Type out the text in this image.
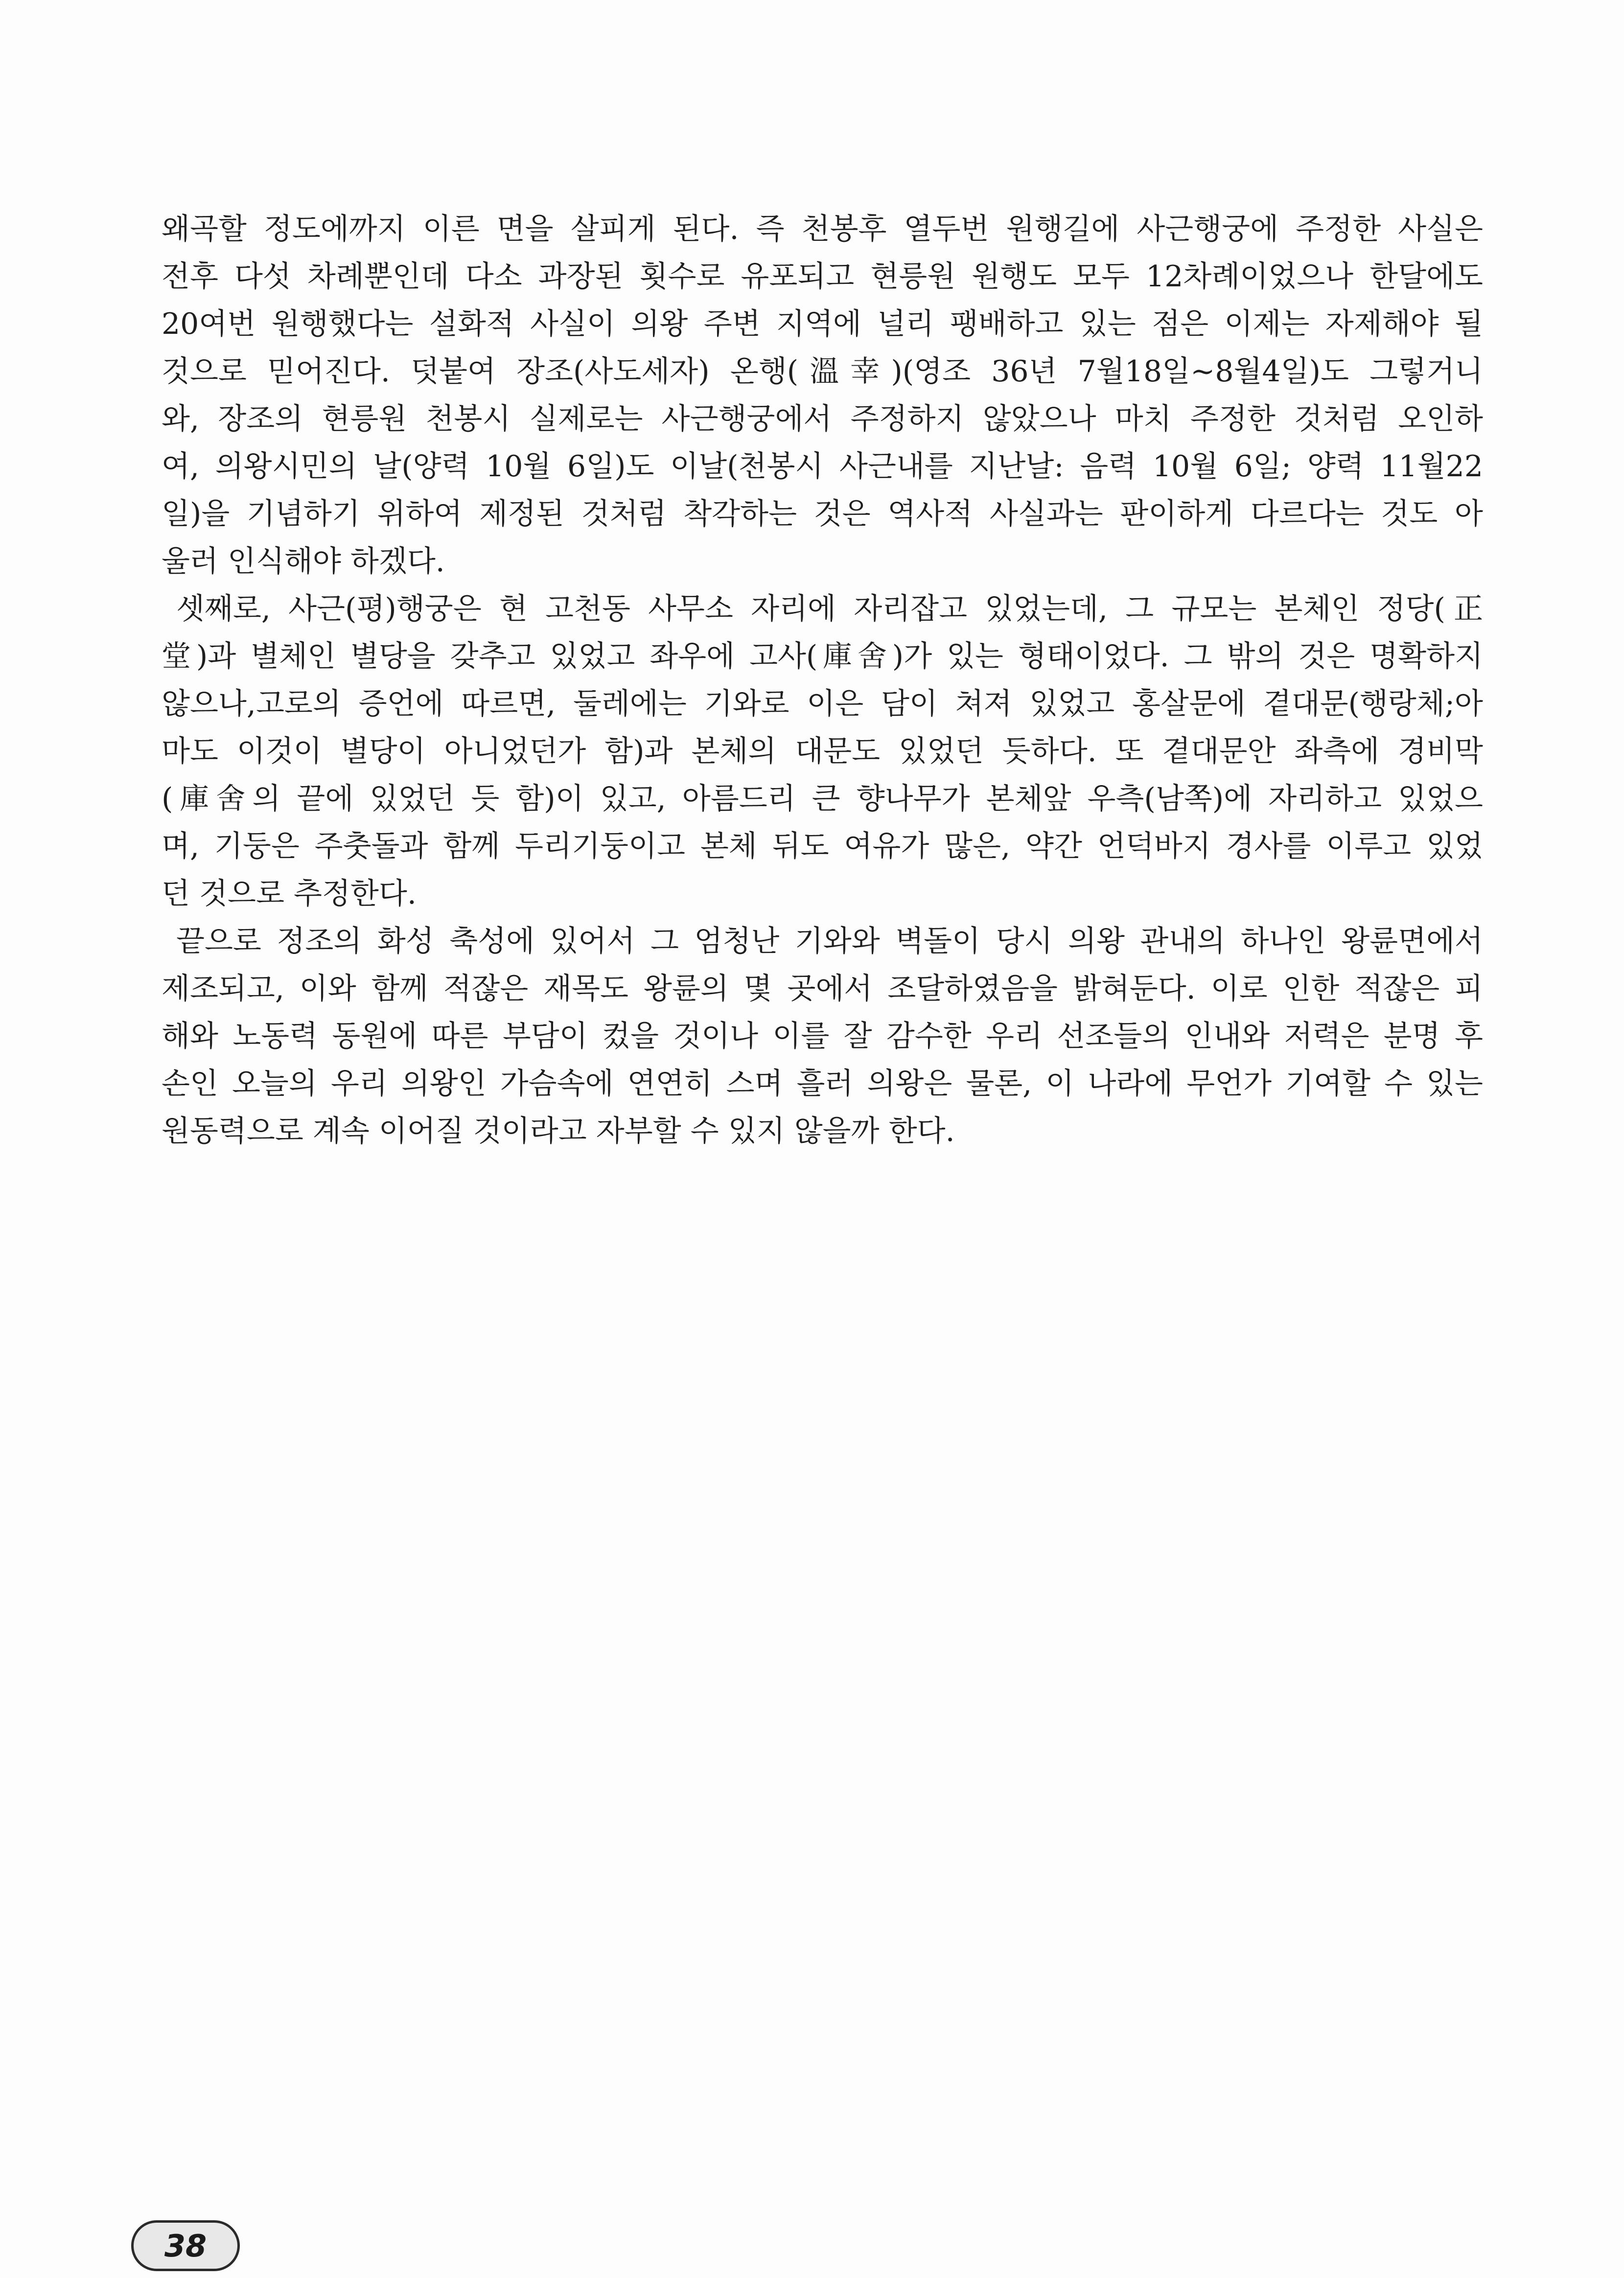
왜곡할 정도에까지 이른 면을 살피게 된다. 즉 천봉후 열두번 원행길에 사근행궁에 주정한 사실은
전후 다섯 차례뿐인데 다소 과장된 횟수로 유포되고 현릉원 원행도 모두 12차례이었으나 한달에도
20여번 원행했다는 설화적 사실이 의왕 주변 지역에 널리 팽배하고 있는 점은 이제는 자제해야 될
것으로 믿어진다. 덧붙여 장조(사도세자) 온행(溫幸)(영조 36년 7월18일~8월4일)도 그렇거니
와, 장조의 현릉원 천봉시 실제로는 사근행궁에서 주정하지 않았으나 마치 주정한 것처럼 오인하
여, 의왕시민의 날(양력 10월 6일)도 이날(천봉시 사근내를 지난날: 음력 10월 6일; 양력 11월22
일)을 기념하기 위하여 제정된 것처럼 착각하는 것은 역사적 사실과는 판이하게 다르다는 것도 아
울러 인식해야 하겠다.
셋째로, 사근(평)행궁은 현 고천동 사무소 자리에 자리잡고 있었는데, 그 규모는 본체인 정당(正
堂)과 별체인 별당을 갖추고 있었고 좌우에 고사(庫舍)가 있는 형태이었다. 그 밖의 것은 명확하지
않으나,고로의 증언에 따르면, 둘레에는 기와로 이은 담이 쳐져 있었고 홍살문에 곁대문(행랑체;아
마도 이것이 별당이 아니었던가 함)과 본체의 대문도 있었던 듯하다. 또 곁대문안 좌측에 경비막
(庫舍의 끝에 있었던 듯 함)이 있고, 아름드리 큰 향나무가 본체앞 우측(남쪽)에 자리하고 있었으
며, 기둥은 주춧돌과 함께 두리기둥이고 본체 뒤도 여유가 많은, 약간 언덕바지 경사를 이루고 있었
던 것으로 추정한다.
끝으로 정조의 화성 축성에 있어서 그 엄청난 기와와 벽돌이 당시 의왕 관내의 하나인 왕륜면에서
제조되고, 이와 함께 적잖은 재목도 왕륜의 몇 곳에서 조달하였음을 밝혀둔다. 이로 인한 적잖은 피
해와 노동력 동원에 따른 부담이 컸을 것이나 이를 잘 감수한 우리 선조들의 인내와 저력은 분명 후
손인 오늘의 우리 의왕인 가슴속에 연연히 스며 흘러 의왕은 물론, 이 나라에 무언가 기여할 수 있는
원동력으로 계속 이어질 것이라고 자부할 수 있지 않을까 한다.
38
